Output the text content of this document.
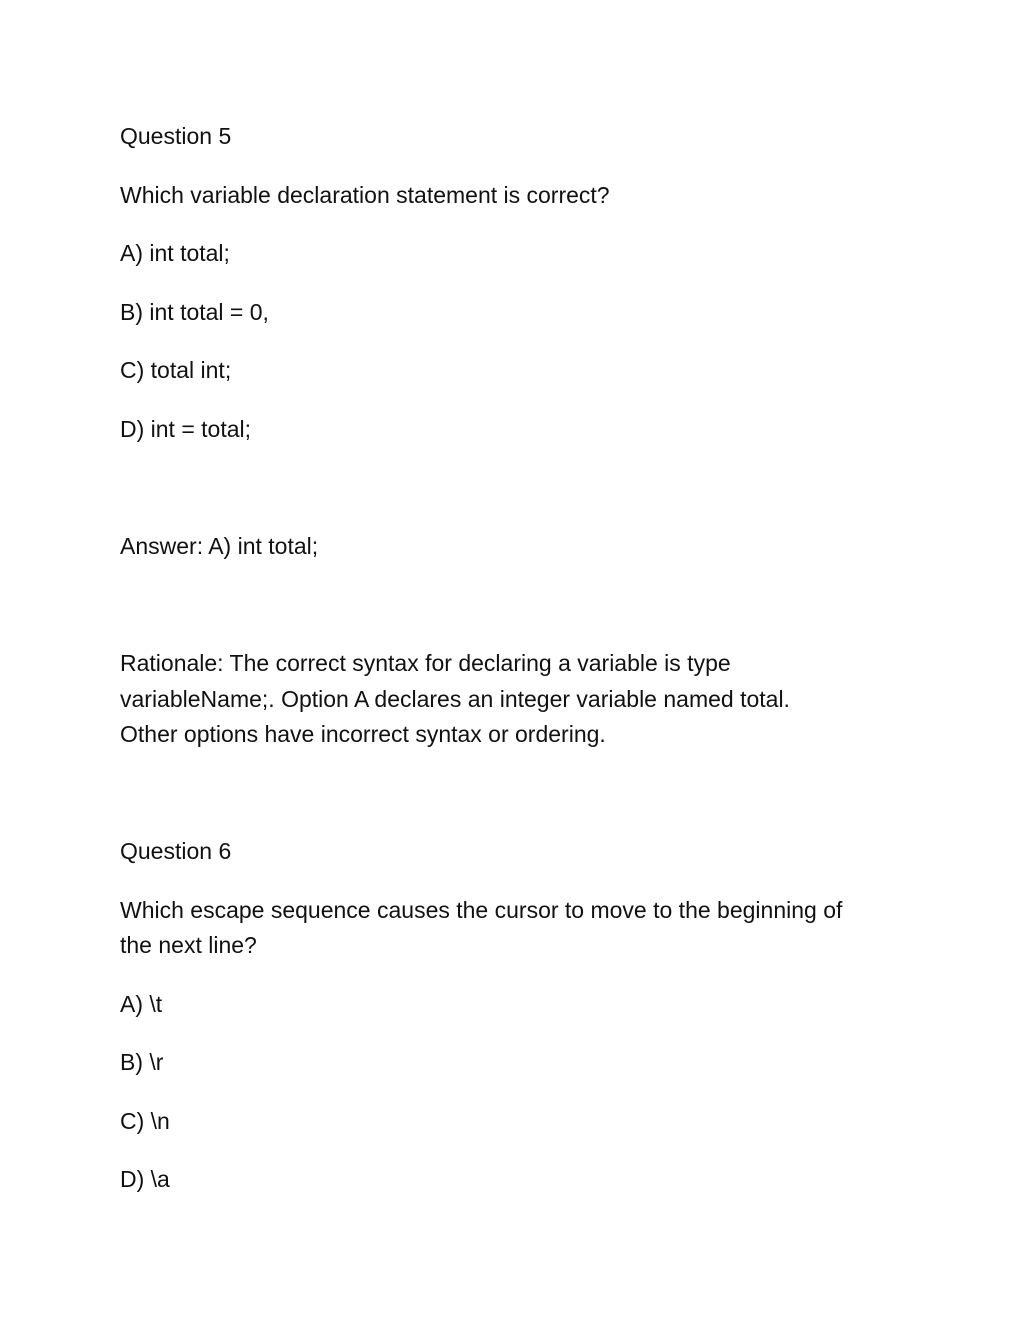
Question 5

Which variable declaration statement is correct?

A) int total;

B) int total = 0,

C) total int;

D) int = total;

Answer: A) int total;

Rationale: The correct syntax for declaring a variable is type

variableName;. Option A declares an integer variable named total.

Other options have incorrect syntax or ordering.

Question 6

Which escape sequence causes the cursor to move to the beginning of

the next line?

A) \t

B) \r

C) \n

D) \a
